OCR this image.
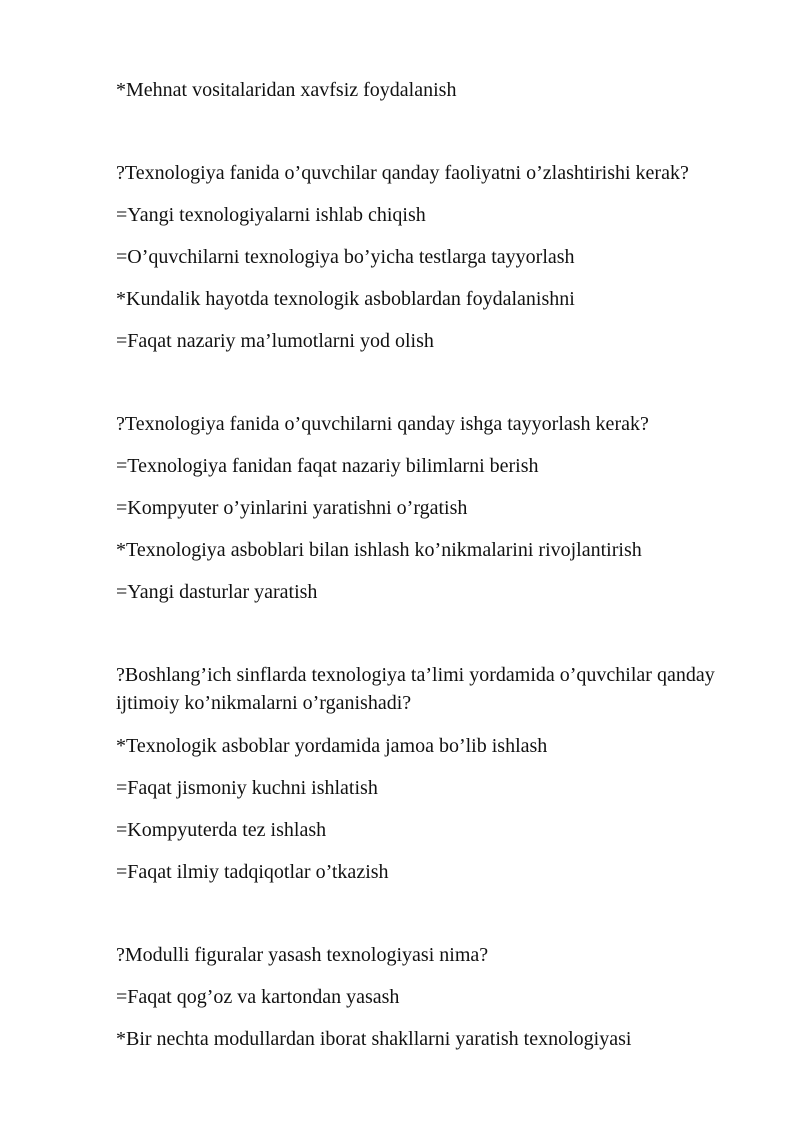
*Mehnat vositalaridan xavfsiz foydalanish

?Texnologiya fanida o’quvchilar qanday faoliyatni o’zlashtirishi kerak?

=Yangi texnologiyalarni ishlab chiqish

=O’quvchilarni texnologiya bo’yicha testlarga tayyorlash

*Kundalik hayotda texnologik asboblardan foydalanishni

=Faqat nazariy ma’lumotlarni yod olish

?Texnologiya fanida o’quvchilarni qanday ishga tayyorlash kerak?

=Texnologiya fanidan faqat nazariy bilimlarni berish

=Kompyuter o’yinlarini yaratishni o’rgatish

*Texnologiya asboblari bilan ishlash ko’nikmalarini rivojlantirish

=Yangi dasturlar yaratish

?Boshlang’ich sinflarda texnologiya ta’limi yordamida o’quvchilar qanday ijtimoiy ko’nikmalarni o’rganishadi?

*Texnologik asboblar yordamida jamoa bo’lib ishlash

=Faqat jismoniy kuchni ishlatish

=Kompyuterda tez ishlash

=Faqat ilmiy tadqiqotlar o’tkazish

?Modulli figuralar yasash texnologiyasi nima?

=Faqat qog’oz va kartondan yasash

*Bir nechta modullardan iborat shakllarni yaratish texnologiyasi
